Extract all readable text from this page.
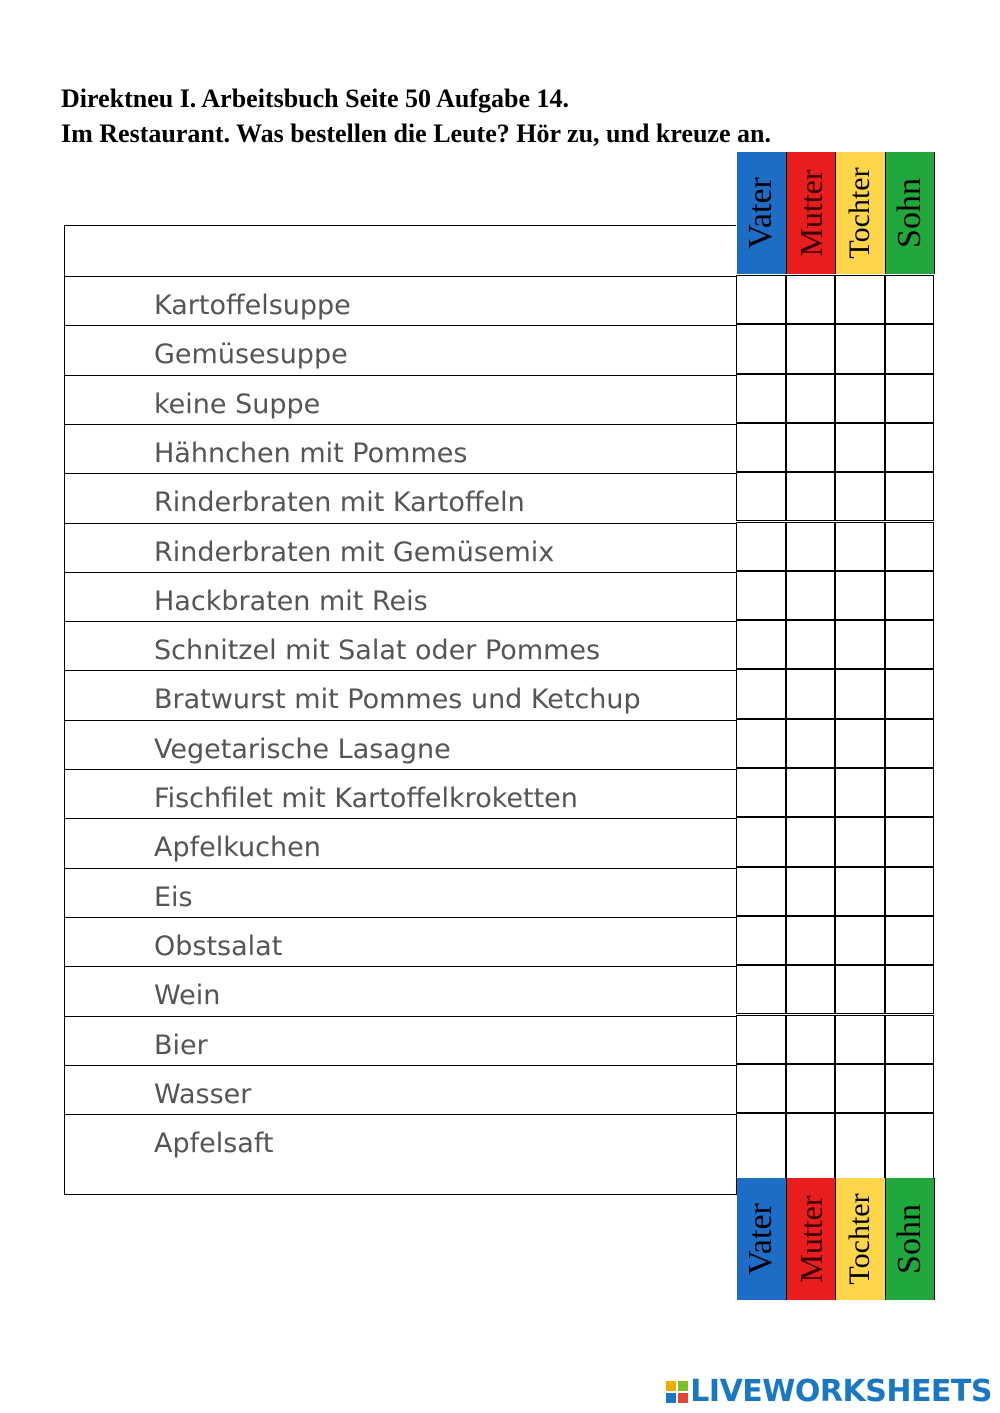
Direktneu I. Arbeitsbuch Seite 50 Aufgabe 14.
Im Restaurant. Was bestellen die Leute? Hör zu, und kreuze an.
Vater Mutter Tochter Sohn
Kartoffelsuppe
Gemüsesuppe
keine Suppe
Hähnchen mit Pommes
Rinderbraten mit Kartoffeln
Rinderbraten mit Gemüsemix
Hackbraten mit Reis
Schnitzel mit Salat oder Pommes
Bratwurst mit Pommes und Ketchup
Vegetarische Lasagne
Fischfilet mit Kartoffelkroketten
Apfelkuchen
Eis
Obstsalat
Wein
Bier
Wasser
Apfelsaft
Vater Mutter Tochter Sohn
LIVEWORKSHEETS
